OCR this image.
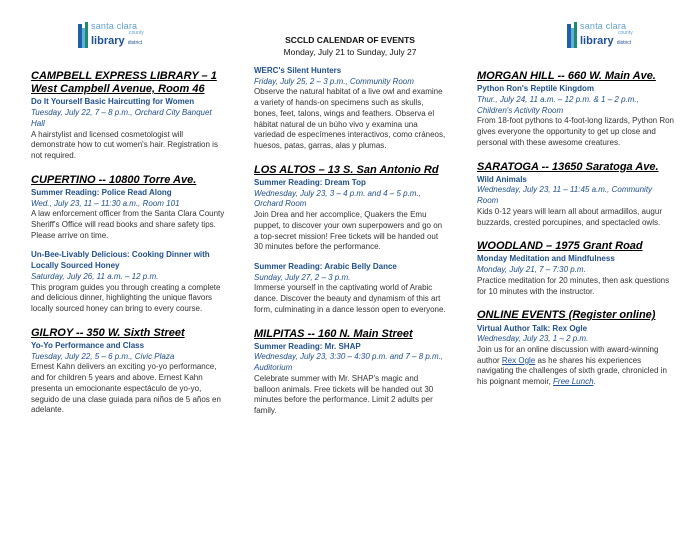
santa clara
county
library district
santa clara
county
library district
SCCLD CALENDAR OF EVENTS
Monday, July 21 to Sunday, July 27

CAMPBELL EXPRESS LIBRARY – 1 West Campbell Avenue, Room 46

Do It Yourself Basic Haircutting for Women
Tuesday, July 22, 7 – 8 p.m., Orchard City Banquet Hall
A hairstylist and licensed cosmetologist will demonstrate how to cut women's hair. Registration is not required.

CUPERTINO -- 10800 Torre Ave.

Summer Reading: Police Read Along
Wed., July 23, 11 – 11:30 a.m., Room 101
A law enforcement officer from the Santa Clara County Sheriff's Office will read books and share safety tips. Please arrive on time.
Un-Bee-Livably Delicious: Cooking Dinner with Locally Sourced Honey
Saturday, July 26, 11 a.m. – 12 p.m.
This program guides you through creating a complete and delicious dinner, highlighting the unique flavors locally sourced honey can bring to every course.

GILROY -- 350 W. Sixth Street

Yo-Yo Performance and Class
Tuesday, July 22, 5 – 6 p.m., Civic Plaza
Ernest Kahn delivers an exciting yo-yo performance, and for children 5 years and above. Ernest Kahn presenta un emocionante espectáculo de yo-yo, seguido de una clase guiada para niños de 5 años en adelante.
WERC's Silent Hunters
Friday, July 25, 2 – 3 p.m., Community Room
Observe the natural habitat of a live owl and examine a variety of hands-on specimens such as skulls, bones, feet, talons, wings and feathers. Observa el hábitat natural de un búho vivo y examina una variedad de especímenes interactivos, como cráneos, huesos, patas, garras, alas y plumas.

LOS ALTOS – 13 S. San Antonio Rd

Summer Reading: Dream Top
Wednesday, July 23, 3 – 4 p.m. and 4 – 5 p.m., Orchard Room
Join Drea and her accomplice, Quakers the Emu puppet, to discover your own superpowers and go on a top-secret mission! Free tickets will be handed out 30 minutes before the performance.
Summer Reading: Arabic Belly Dance
Sunday, July 27, 2 – 3 p.m.
Immerse yourself in the captivating world of Arabic dance. Discover the beauty and dynamism of this art form, culminating in a dance lesson open to everyone.

MILPITAS -- 160 N. Main Street

Summer Reading: Mr. SHAP
Wednesday, July 23, 3:30 – 4:30 p.m. and 7 – 8 p.m., Auditorium
Celebrate summer with Mr. SHAP's magic and balloon animals. Free tickets will be handed out 30 minutes before the performance. Limit 2 adults per family.

MORGAN HILL -- 660 W. Main Ave.

Python Ron's Reptile Kingdom
Thur., July 24, 11 a.m. – 12 p.m. & 1 – 2 p.m., Children's Activity Room
From 18-foot pythons to 4-foot-long lizards, Python Ron gives everyone the opportunity to get up close and personal with these awesome creatures.

SARATOGA -- 13650 Saratoga Ave.

Wild Animals
Wednesday, July 23, 11 – 11:45 a.m., Community Room
Kids 0-12 years will learn all about armadillos, augur buzzards, crested porcupines, and spectacled owls.

WOODLAND – 1975 Grant Road

Monday Meditation and Mindfulness
Monday, July 21, 7 – 7:30 p.m.
Practice meditation for 20 minutes, then ask questions for 10 minutes with the instructor.

ONLINE EVENTS (Register online)

Virtual Author Talk: Rex Ogle
Wednesday, July 23, 1 – 2 p.m.
Join us for an online discussion with award-winning author Rex Ogle as he shares his experiences navigating the challenges of sixth grade, chronicled in his poignant memoir, Free Lunch.
